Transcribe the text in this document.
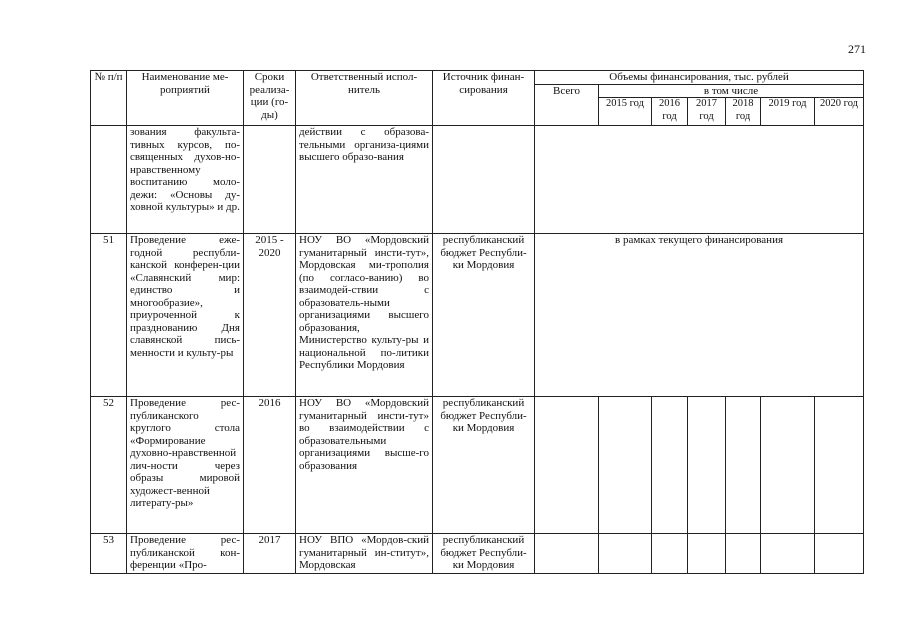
271
№ п/п	Наименование ме-роприятий	Сроки реализа-ции (го-ды)	Ответственный испол-нитель	Источник финан-сирования	Объемы финансирования, тыс. рублей						
					Всего	в том числе					
						2015 год	2016 год	2017 год	2018 год	2019 год	2020 год
	зования факульта-тивных курсов, по-священных духов-но-нравственному воспитанию моло-дежи: «Основы ду-ховной культуры» и др.		действии с образова-тельными организа-циями высшего образо-вания								
51	Проведение еже-годной республи-канской конферен-ции «Славянский мир: единство и многообразие», приуроченной к празднованию Дня славянской пись-менности и культу-ры	2015 - 2020	НОУ ВО «Мордовский гуманитарный инсти-тут», Мордовская ми-трополия (по согласо-ванию) во взаимодей-ствии с образователь-ными организациями высшего образования, Министерство культу-ры и национальной по-литики Республики Мордовия	республиканский бюджет Республи-ки Мордовия	в рамках текущего финансирования						
52	Проведение рес-публиканского круглого стола «Формирование духовно-нравственной лич-ности через образы мировой художест-венной литерату-ры»	2016	НОУ ВО «Мордовский гуманитарный инсти-тут» во взаимодействии с образовательными организациями высше-го образования	республиканский бюджет Республи-ки Мордовия							
53	Проведение рес-публиканской кон-ференции «Про-	2017	НОУ ВПО «Мордов-ский гуманитарный ин-ститут», Мордовская	республиканский бюджет Республи-ки Мордовия							
